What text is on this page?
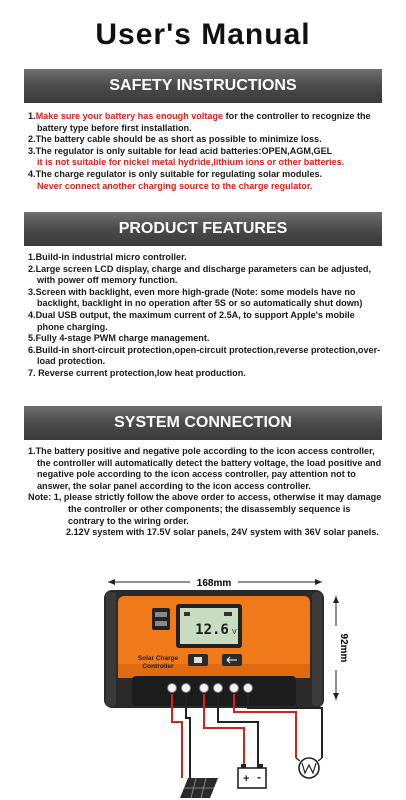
User's Manual
SAFETY INSTRUCTIONS

1.Make sure your battery has enough voltage for the controller to recognize the battery type before first installation.

2.The battery cable should be as short as possible to minimize loss.

3.The regulator is only suitable for lead acid batteries:OPEN,AGM,GEL
it is not suitable for nickel metal hydride,lithium ions or other batteries.

4.The charge regulator is only suitable for regulating solar modules.
Never connect another charging source to the charge regulator.

PRODUCT FEATURES

1.Build-in industrial micro controller.

2.Large screen LCD display, charge and discharge parameters can be adjusted, with power off memory function.

3.Screen with backlight, even more high-grade (Note: some models have no backlight, backlight in no operation after 5S or so automatically shut down)

4.Dual USB output, the maximum current of 2.5A, to support Apple's mobile phone charging.

5.Fully 4-stage PWM charge management.

6.Build-in short-circuit protection,open-circuit protection,reverse protection,over-load protection.

7. Reverse current protection,low heat production.

SYSTEM CONNECTION

1.The battery positive and negative pole according to the icon access controller, the controller will automatically detect the battery voltage, the load positive and negative pole according to the icon access controller, pay attention not to answer, the solar panel according to the icon access controller.

Note: 1, please strictly follow the above order to access, otherwise it may damage the controller or other components; the disassembly sequence is contrary to the wiring order.

2.12V system with 17.5V solar panels, 24V system with 36V solar panels.

168mm
92mm
12.6 V
Solar Charge
Controller
+ -
